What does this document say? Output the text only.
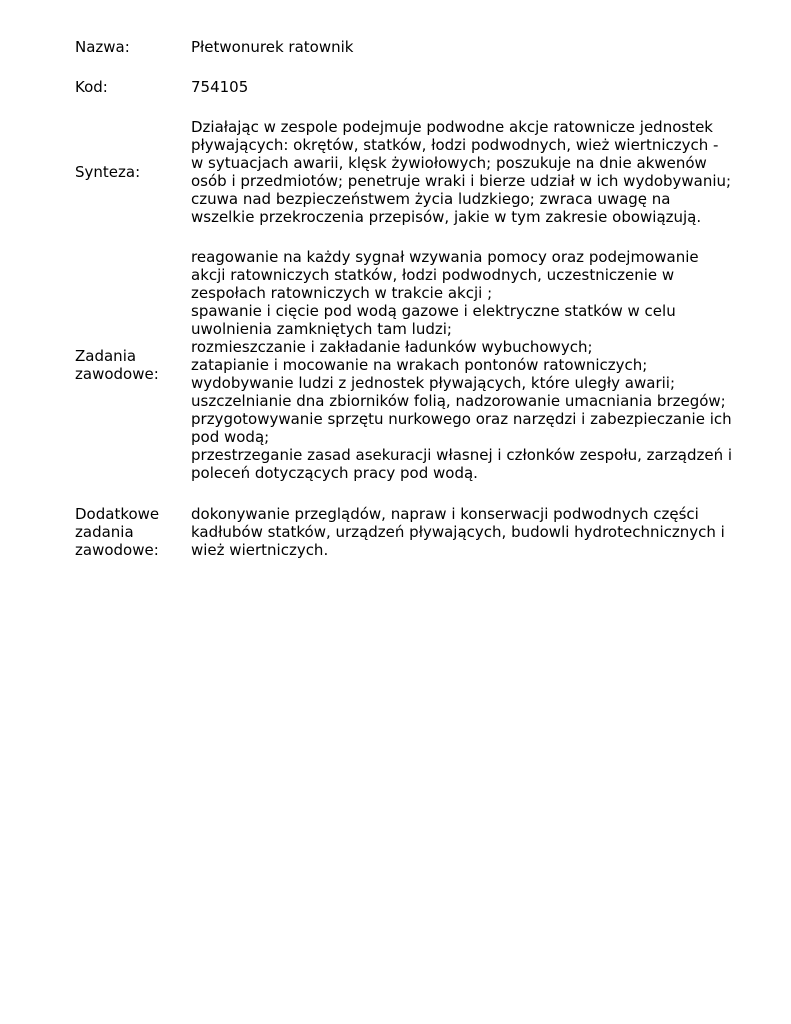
Nazwa:	Płetwonurek ratownik
Kod:	754105
Synteza:
Działając w zespole podejmuje podwodne akcje ratownicze jednostek
pływających: okrętów, statków, łodzi podwodnych, wież wiertniczych -
w sytuacjach awarii, klęsk żywiołowych; poszukuje na dnie akwenów
osób i przedmiotów; penetruje wraki i bierze udział w ich wydobywaniu;
czuwa nad bezpieczeństwem życia ludzkiego; zwraca uwagę na
wszelkie przekroczenia przepisów, jakie w tym zakresie obowiązują.
Zadania
zawodowe:
reagowanie na każdy sygnał wzywania pomocy oraz podejmowanie
akcji ratowniczych statków, łodzi podwodnych, uczestniczenie w
zespołach ratowniczych w trakcie akcji ;
spawanie i cięcie pod wodą gazowe i elektryczne statków w celu
uwolnienia zamkniętych tam ludzi;
rozmieszczanie i zakładanie ładunków wybuchowych;
zatapianie i mocowanie na wrakach pontonów ratowniczych;
wydobywanie ludzi z jednostek pływających, które uległy awarii;
uszczelnianie dna zbiorników folią, nadzorowanie umacniania brzegów;
przygotowywanie sprzętu nurkowego oraz narzędzi i zabezpieczanie ich
pod wodą;
przestrzeganie zasad asekuracji własnej i członków zespołu, zarządzeń i
poleceń dotyczących pracy pod wodą.
Dodatkowe
zadania
zawodowe:
dokonywanie przeglądów, napraw i konserwacji podwodnych części
kadłubów statków, urządzeń pływających, budowli hydrotechnicznych i
wież wiertniczych.
